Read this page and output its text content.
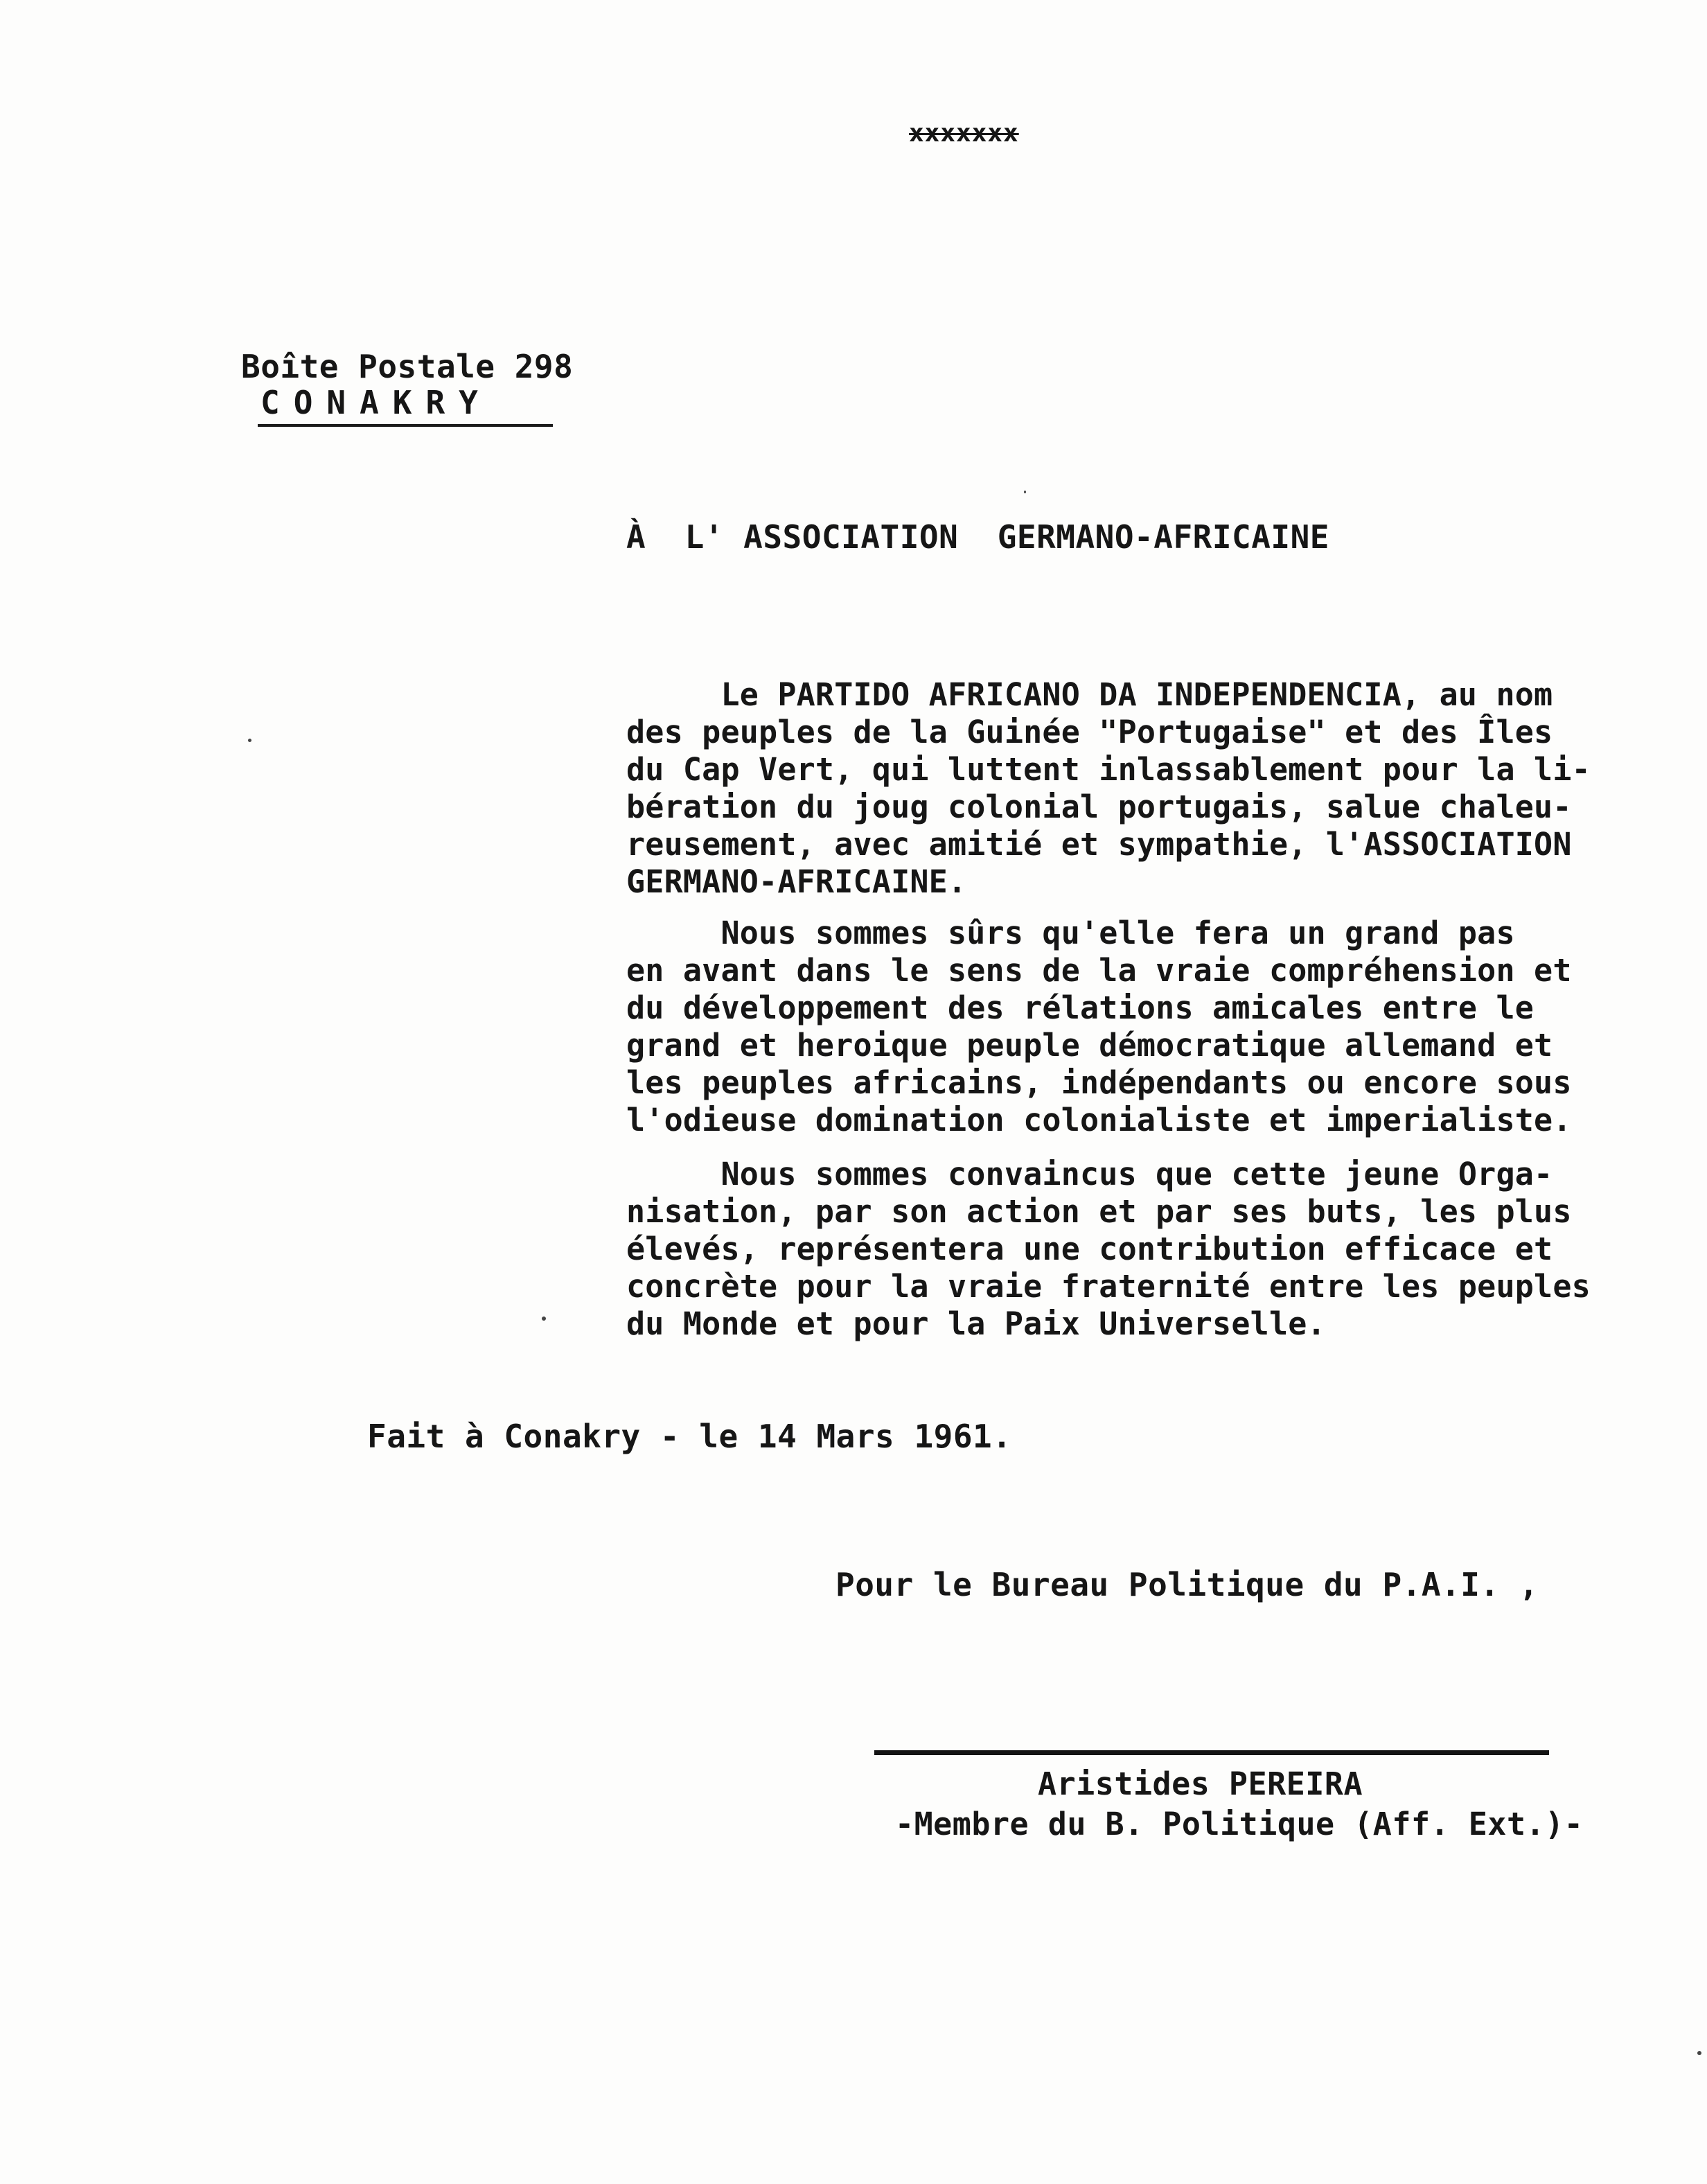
xxxxxxx
Boîte Postale 298
CONAKRY
À  L' ASSOCIATION  GERMANO-AFRICAINE
Le PARTIDO AFRICANO DA INDEPENDENCIA, au nom
des peuples de la Guinée "Portugaise" et des Îles
du Cap Vert, qui luttent inlassablement pour la li-
bération du joug colonial portugais, salue chaleu-
reusement, avec amitié et sympathie, l'ASSOCIATION
GERMANO-AFRICAINE.
Nous sommes sûrs qu'elle fera un grand pas
en avant dans le sens de la vraie compréhension et
du développement des rélations amicales entre le
grand et heroique peuple démocratique allemand et
les peuples africains, indépendants ou encore sous
l'odieuse domination colonialiste et imperialiste.
Nous sommes convaincus que cette jeune Orga-
nisation, par son action et par ses buts, les plus
élevés, représentera une contribution efficace et
concrète pour la vraie fraternité entre les peuples
du Monde et pour la Paix Universelle.
Fait à Conakry - le 14 Mars 1961.
Pour le Bureau Politique du P.A.I. ,
Aristides PEREIRA
-Membre du B. Politique (Aff. Ext.)-
